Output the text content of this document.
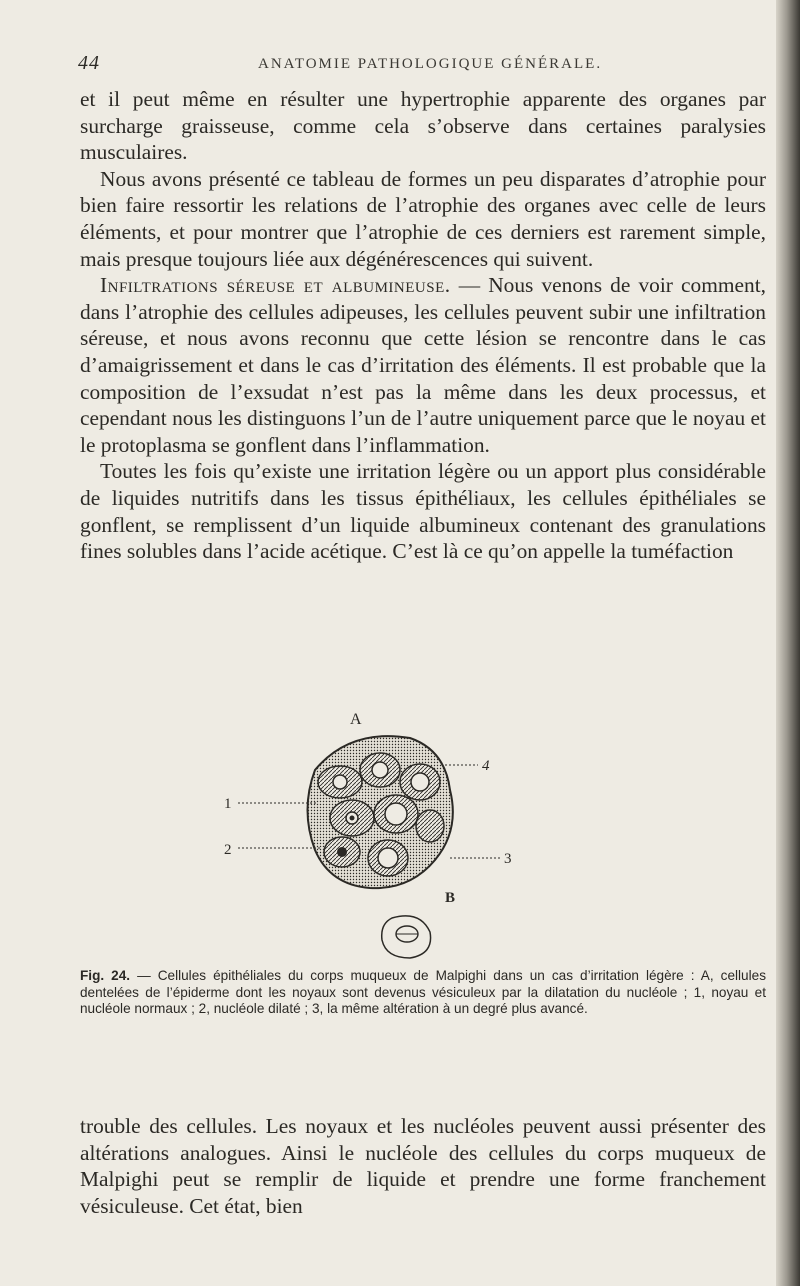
44	ANATOMIE PATHOLOGIQUE GÉNÉRALE.

et il peut même en résulter une hypertrophie apparente des organes par surcharge graisseuse, comme cela s’observe dans certaines paralysies musculaires.

Nous avons présenté ce tableau de formes un peu disparates d’atrophie pour bien faire ressortir les relations de l’atrophie des organes avec celle de leurs éléments, et pour montrer que l’atrophie de ces derniers est rarement simple, mais presque toujours liée aux dégénérescences qui suivent.

Infiltrations séreuse et albumineuse. — Nous venons de voir comment, dans l’atrophie des cellules adipeuses, les cellules peuvent subir une infiltration séreuse, et nous avons reconnu que cette lésion se rencontre dans le cas d’amaigrissement et dans le cas d’irritation des éléments. Il est probable que la composition de l’exsudat n’est pas la même dans les deux processus, et cependant nous les distinguons l’un de l’autre uniquement parce que le noyau et le protoplasma se gonflent dans l’inflammation.

Toutes les fois qu’existe une irritation légère ou un apport plus considérable de liquides nutritifs dans les tissus épithéliaux, les cellules épithéliales se gonflent, se remplissent d’un liquide albumineux contenant des granulations fines solubles dans l’acide acétique. C’est là ce qu’on appelle la tuméfaction

A
1
2
3
4
B
Fig. 24. — Cellules épithéliales du corps muqueux de Malpighi dans un cas d’irritation légère : A, cellules dentelées de l’épiderme dont les noyaux sont devenus vésiculeux par la dilatation du nucléole ; 1, noyau et nucléole normaux ; 2, nucléole dilaté ; 3, la même altération à un degré plus avancé.

trouble des cellules. Les noyaux et les nucléoles peuvent aussi présenter des altérations analogues. Ainsi le nucléole des cellules du corps muqueux de Malpighi peut se remplir de liquide et prendre une forme franchement vésiculeuse. Cet état, bien
